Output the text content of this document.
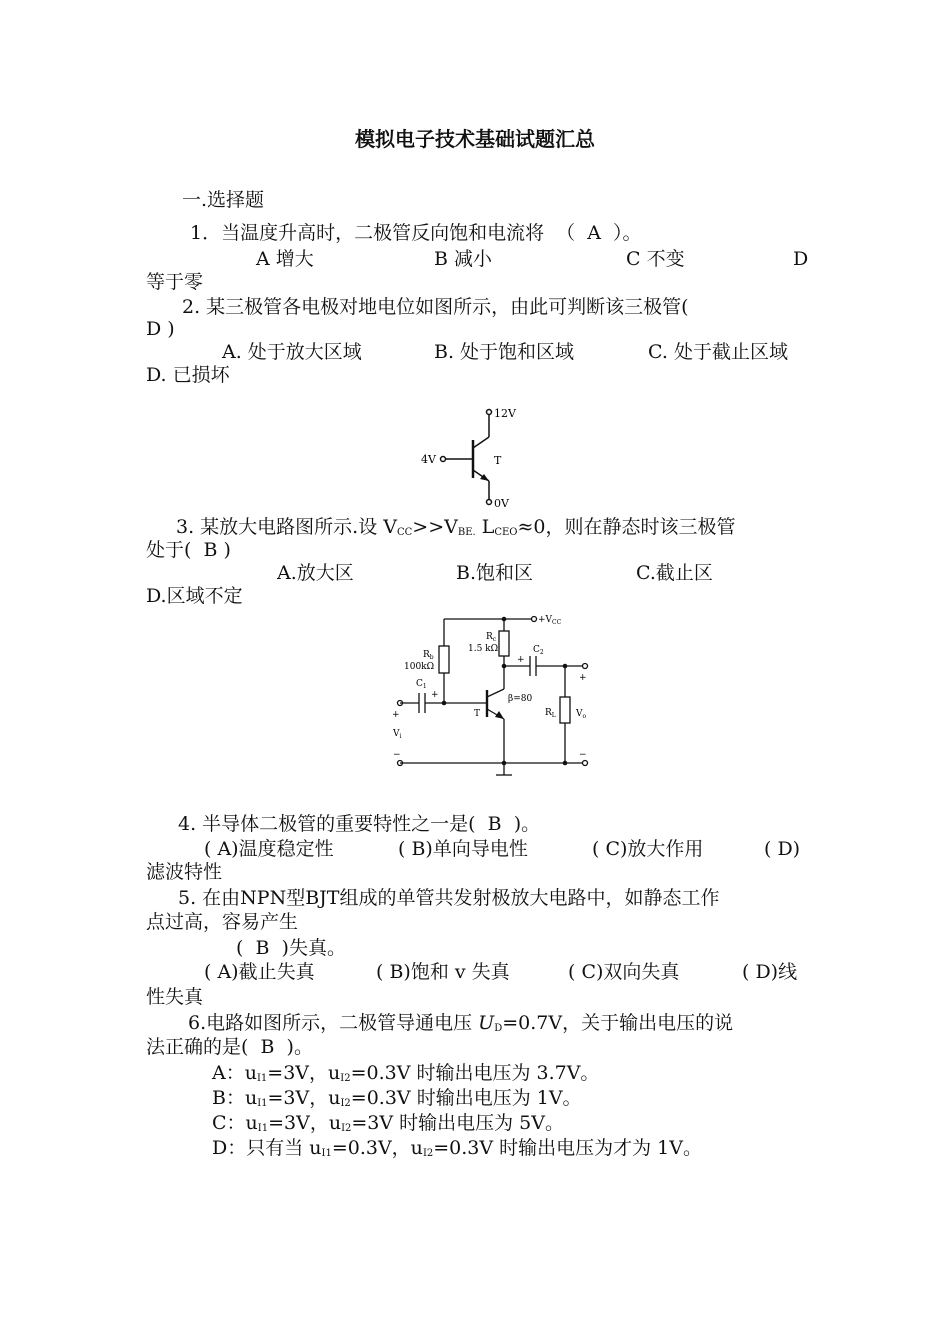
模拟电子技术基础试题汇总
一.选择题
1．当温度升高时，二极管反向饱和电流将  （  A  ）。
A 增大	B 减小	C 不变	D
等于零
2. 某三极管各电极对地电位如图所示，由此可判断该三极管(
D )
A. 处于放大区域	B. 处于饱和区域	C. 处于截止区域
D. 已损坏
12V
4V	T
0V
3. 某放大电路图所示.设 $V_{CC}>>V_{BE.}$ $L_{CEO}\approx 0$，则在静态时该三极管
处于(  B )
A.放大区	B.饱和区	C.截止区
D.区域不定
$+V_{CC}$
$R_b$
100kΩ
$R_c$
1.5 kΩ
$C_1$
+
$C_2$
+
β=80
T	$R_L$
+
$V_i$
−
+
$V_o$
−
4. 半导体二极管的重要特性之一是(  B  )。
( A)温度稳定性	( B)单向导电性	( C)放大作用	( D)
滤波特性
5. 在由NPN型BJT组成的单管共发射极放大电路中，如静态工作
点过高，容易产生
(  B  )失真。
( A)截止失真	( B)饱和 v 失真	( C)双向失真	( D)线
性失真
6.电路如图所示，二极管导通电压 $U_D=0.7V$，关于输出电压的说
法正确的是(  B  )。
A：$u_{I1}=3V$，$u_{I2}=0.3V$ 时输出电压为 3.7V。
B：$u_{I1}=3V$，$u_{I2}=0.3V$ 时输出电压为 1V。
C：$u_{I1}=3V$，$u_{I2}=3V$ 时输出电压为 5V。
D：只有当 $u_{I1}=0.3V$，$u_{I2}=0.3V$ 时输出电压为才为 1V。
